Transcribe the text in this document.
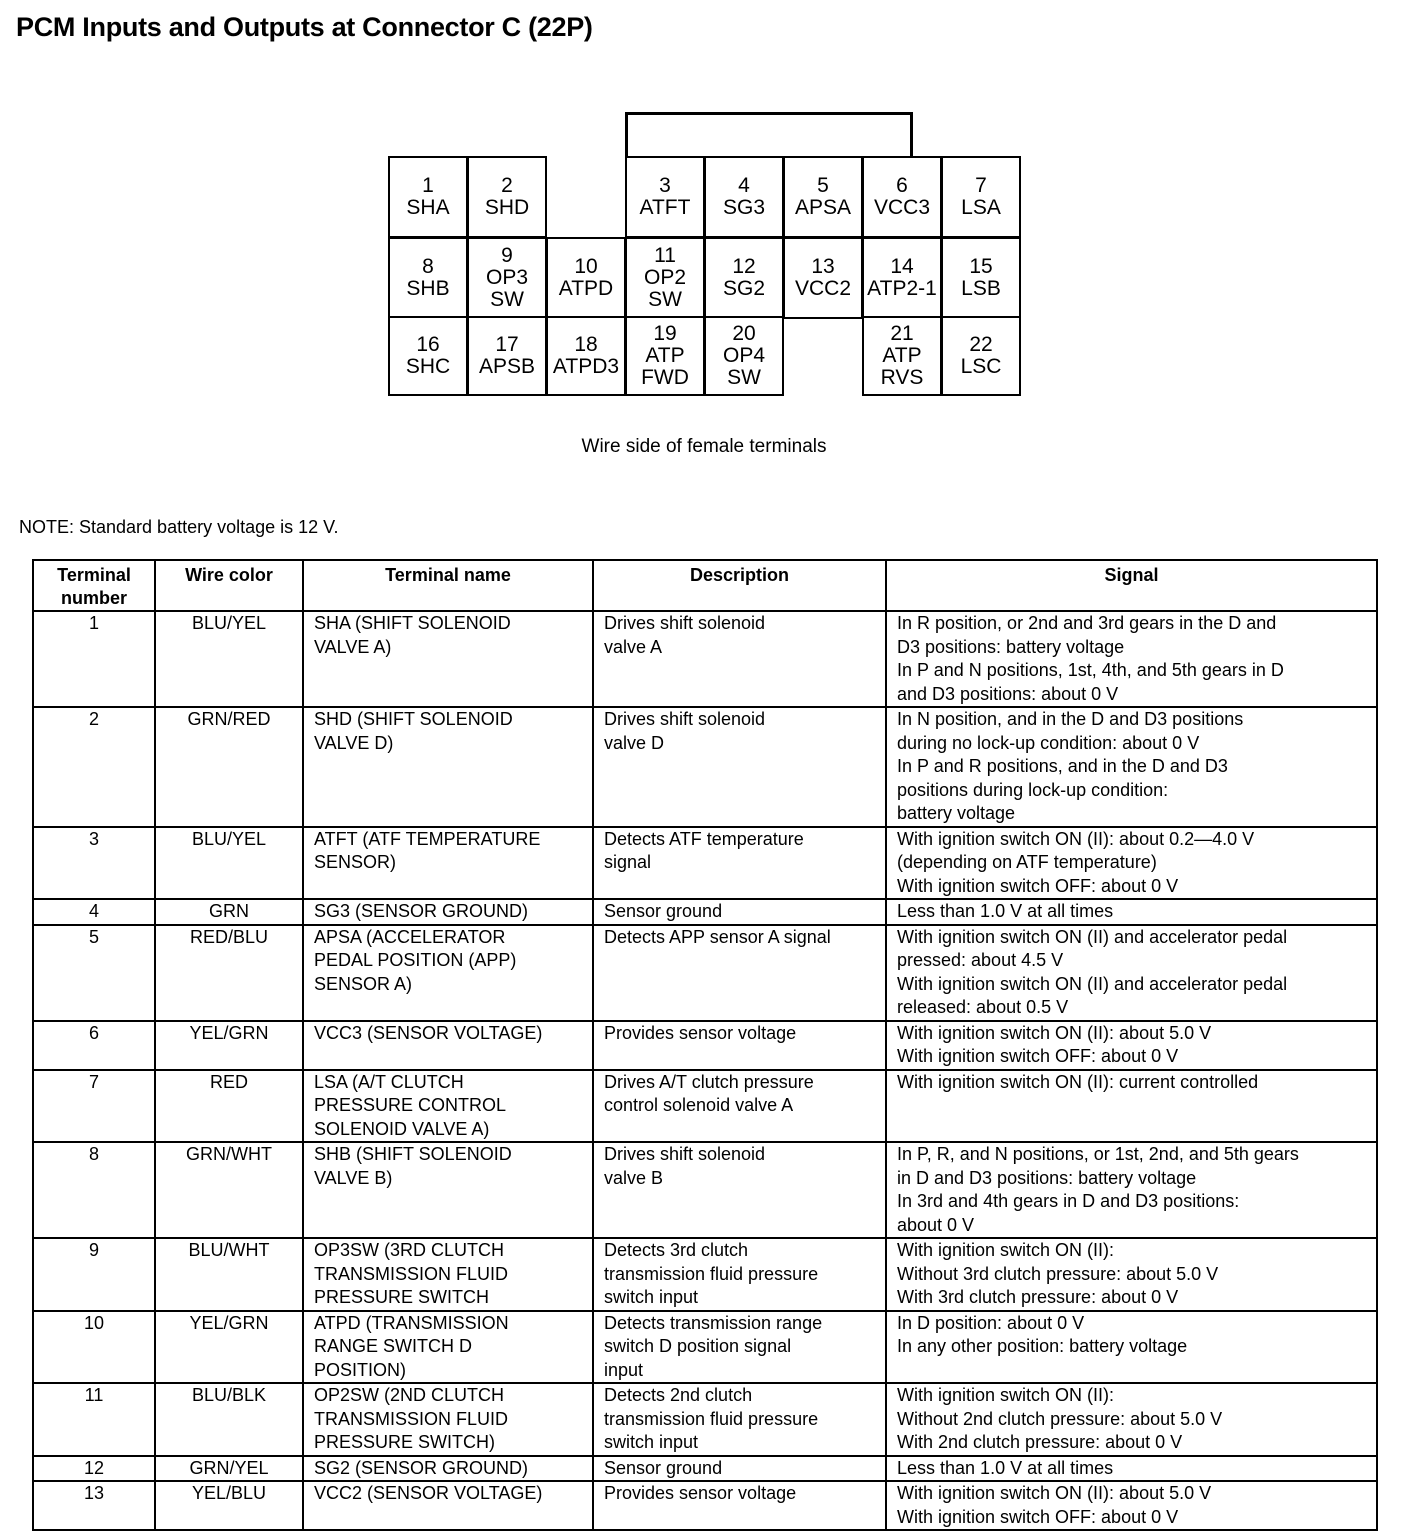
PCM Inputs and Outputs at Connector C (22P)
1
SHA
2
SHD
3
ATFT
4
SG3
5
APSA
6
VCC3
7
LSA
8
SHB
9
OP3
SW
10
ATPD
11
OP2
SW
12
SG2
13
VCC2
14
ATP2-1
15
LSB
16
SHC
17
APSB
18
ATPD3
19
ATP
FWD
20
OP4
SW
21
ATP
RVS
22
LSC
Wire side of female terminals
NOTE: Standard battery voltage is 12 V.
Terminal number	Wire color	Terminal name	Description	Signal
1	BLU/YEL	SHA (SHIFT SOLENOID
VALVE A)	Drives shift solenoid
valve A	In R position, or 2nd and 3rd gears in the D and
D3 positions: battery voltage
In P and N positions, 1st, 4th, and 5th gears in D
and D3 positions: about 0 V

2	GRN/RED	SHD (SHIFT SOLENOID
VALVE D)	Drives shift solenoid
valve D	In N position, and in the D and D3 positions
during no lock-up condition: about 0 V
In P and R positions, and in the D and D3
positions during lock-up condition:
battery voltage

3	BLU/YEL	ATFT (ATF TEMPERATURE
SENSOR)	Detects ATF temperature
signal	With ignition switch ON (II): about 0.2—4.0 V
(depending on ATF temperature)
With ignition switch OFF: about 0 V

4	GRN	SG3 (SENSOR GROUND)	Sensor ground	Less than 1.0 V at all times

5	RED/BLU	APSA (ACCELERATOR
PEDAL POSITION (APP)
SENSOR A)	Detects APP sensor A signal	With ignition switch ON (II) and accelerator pedal
pressed: about 4.5 V
With ignition switch ON (II) and accelerator pedal
released: about 0.5 V

6	YEL/GRN	VCC3 (SENSOR VOLTAGE)	Provides sensor voltage	With ignition switch ON (II): about 5.0 V
With ignition switch OFF: about 0 V

7	RED	LSA (A/T CLUTCH
PRESSURE CONTROL
SOLENOID VALVE A)	Drives A/T clutch pressure
control solenoid valve A	With ignition switch ON (II): current controlled

8	GRN/WHT	SHB (SHIFT SOLENOID
VALVE B)	Drives shift solenoid
valve B	In P, R, and N positions, or 1st, 2nd, and 5th gears
in D and D3 positions: battery voltage
In 3rd and 4th gears in D and D3 positions:
about 0 V

9	BLU/WHT	OP3SW (3RD CLUTCH
TRANSMISSION FLUID
PRESSURE SWITCH	Detects 3rd clutch
transmission fluid pressure
switch input	With ignition switch ON (II):
Without 3rd clutch pressure: about 5.0 V
With 3rd clutch pressure: about 0 V

10	YEL/GRN	ATPD (TRANSMISSION
RANGE SWITCH D
POSITION)	Detects transmission range
switch D position signal
input	In D position: about 0 V
In any other position: battery voltage

11	BLU/BLK	OP2SW (2ND CLUTCH
TRANSMISSION FLUID
PRESSURE SWITCH)	Detects 2nd clutch
transmission fluid pressure
switch input	With ignition switch ON (II):
Without 2nd clutch pressure: about 5.0 V
With 2nd clutch pressure: about 0 V

12	GRN/YEL	SG2 (SENSOR GROUND)	Sensor ground	Less than 1.0 V at all times

13	YEL/BLU	VCC2 (SENSOR VOLTAGE)	Provides sensor voltage	With ignition switch ON (II): about 5.0 V
With ignition switch OFF: about 0 V
